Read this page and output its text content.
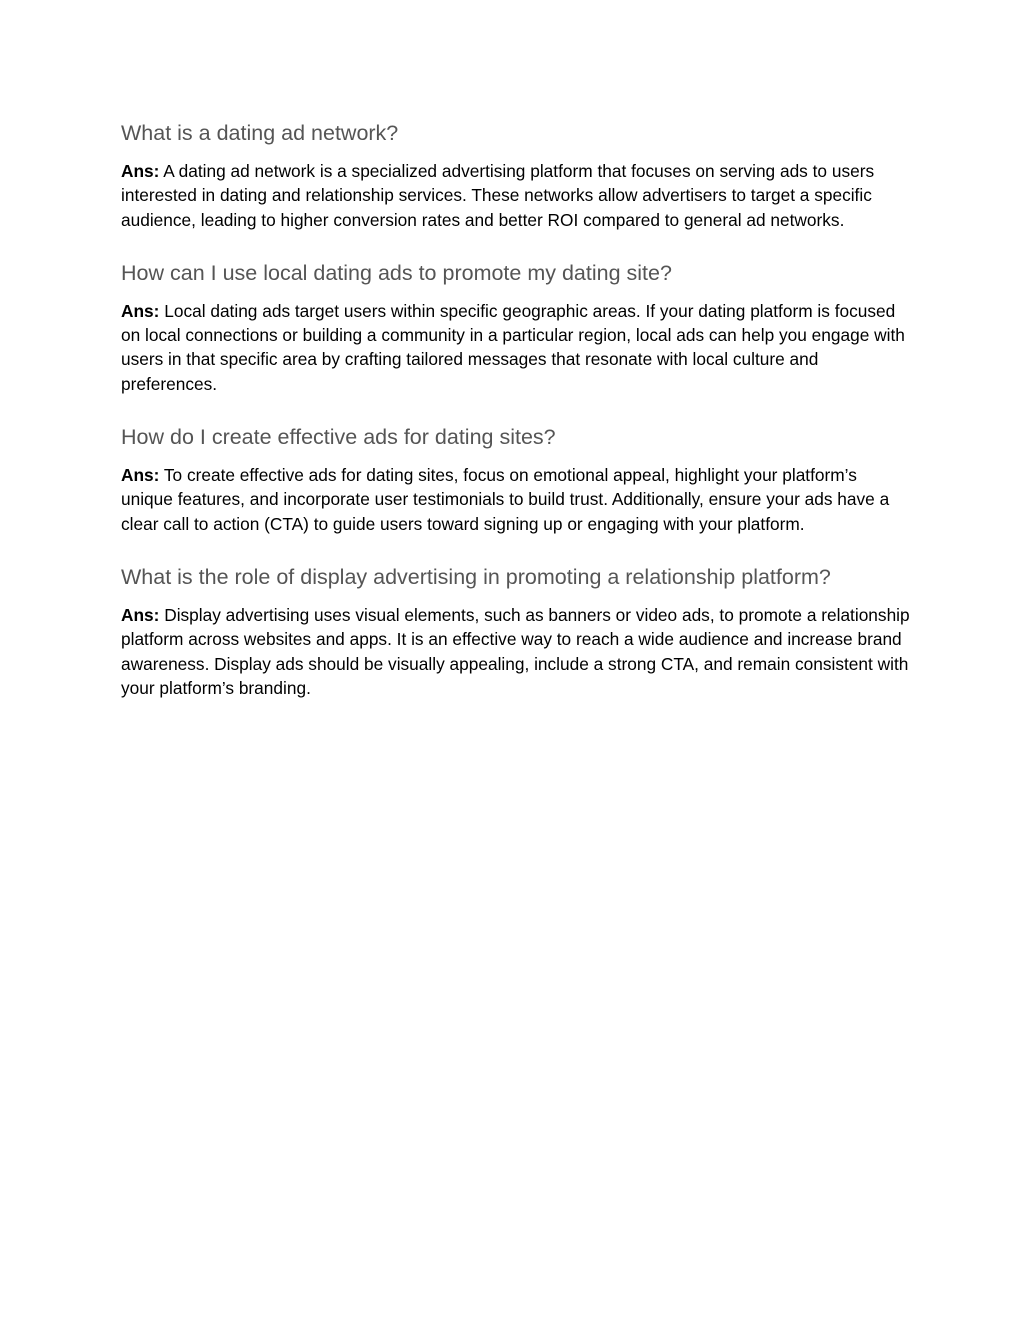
What is a dating ad network?

Ans: A dating ad network is a specialized advertising platform that focuses on serving ads to users interested in dating and relationship services. These networks allow advertisers to target a specific audience, leading to higher conversion rates and better ROI compared to general ad networks.

How can I use local dating ads to promote my dating site?

Ans: Local dating ads target users within specific geographic areas. If your dating platform is focused on local connections or building a community in a particular region, local ads can help you engage with users in that specific area by crafting tailored messages that resonate with local culture and preferences.

How do I create effective ads for dating sites?

Ans: To create effective ads for dating sites, focus on emotional appeal, highlight your platform’s unique features, and incorporate user testimonials to build trust. Additionally, ensure your ads have a clear call to action (CTA) to guide users toward signing up or engaging with your platform.

What is the role of display advertising in promoting a relationship platform?

Ans: Display advertising uses visual elements, such as banners or video ads, to promote a relationship platform across websites and apps. It is an effective way to reach a wide audience and increase brand awareness. Display ads should be visually appealing, include a strong CTA, and remain consistent with your platform’s branding.
